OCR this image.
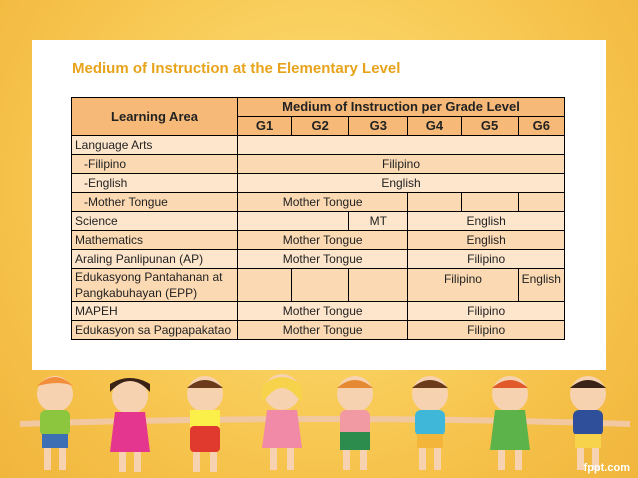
Medium of Instruction at the Elementary Level
Learning Area	Medium of Instruction per Grade Level					
	G1	G2	G3	G4	G5	G6
Language Arts						
-Filipino	Filipino					
-English	English					
-Mother Tongue	Mother Tongue					
Science			MT	English		
Mathematics	Mother Tongue			English		
Araling Panlipunan (AP)	Mother Tongue			Filipino		
Edukasyong Pantahanan at Pangkabuhayan (EPP)				Filipino		English
MAPEH	Mother Tongue			Filipino		
Edukasyon sa Pagpapakatao	Mother Tongue			Filipino		
fppt.com
